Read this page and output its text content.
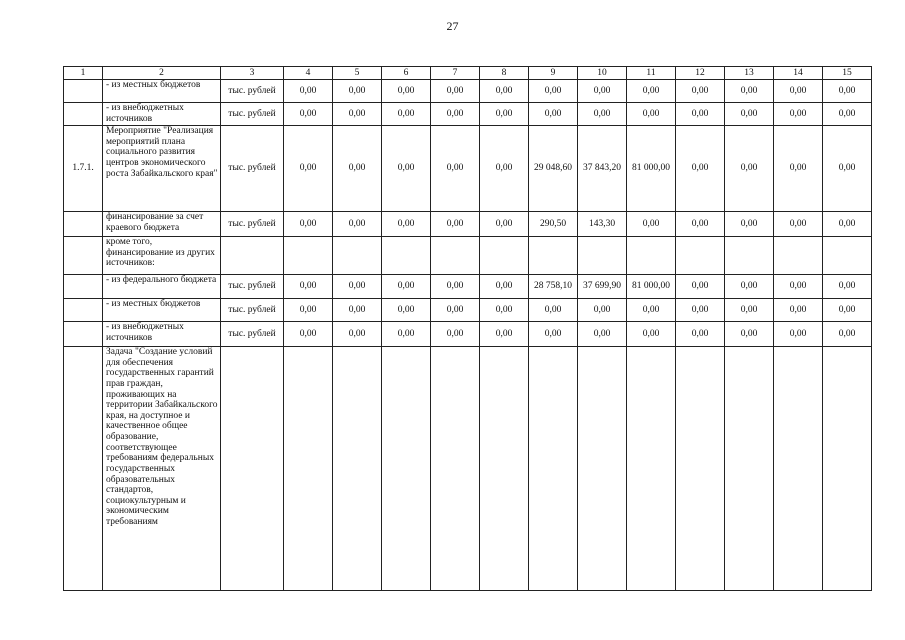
27
1	2	3	4	5	6	7	8	9	10	11	12	13	14	15
	- из местных бюджетов	тыс. рублей	0,00	0,00	0,00	0,00	0,00	0,00	0,00	0,00	0,00	0,00	0,00	0,00
	- из внебюджетных источников	тыс. рублей	0,00	0,00	0,00	0,00	0,00	0,00	0,00	0,00	0,00	0,00	0,00	0,00
1.7.1.	Мероприятие "Реализация мероприятий плана социального развития центров экономического роста Забайкальского края"	тыс. рублей	0,00	0,00	0,00	0,00	0,00	29 048,60	37 843,20	81 000,00	0,00	0,00	0,00	0,00
	финансирование за счет краевого бюджета	тыс. рублей	0,00	0,00	0,00	0,00	0,00	290,50	143,30	0,00	0,00	0,00	0,00	0,00
	кроме того, финансирование из других источников:													
	- из федерального бюджета	тыс. рублей	0,00	0,00	0,00	0,00	0,00	28 758,10	37 699,90	81 000,00	0,00	0,00	0,00	0,00
	- из местных бюджетов	тыс. рублей	0,00	0,00	0,00	0,00	0,00	0,00	0,00	0,00	0,00	0,00	0,00	0,00
	- из внебюджетных источников	тыс. рублей	0,00	0,00	0,00	0,00	0,00	0,00	0,00	0,00	0,00	0,00	0,00	0,00
	Задача "Создание условий для обеспечения государственных гарантий прав граждан, проживающих на территории Забайкальского края, на доступное и качественное общее образование, соответствующее требованиям федеральных государственных образовательных стандартов, социокультурным и экономическим требованиям													
